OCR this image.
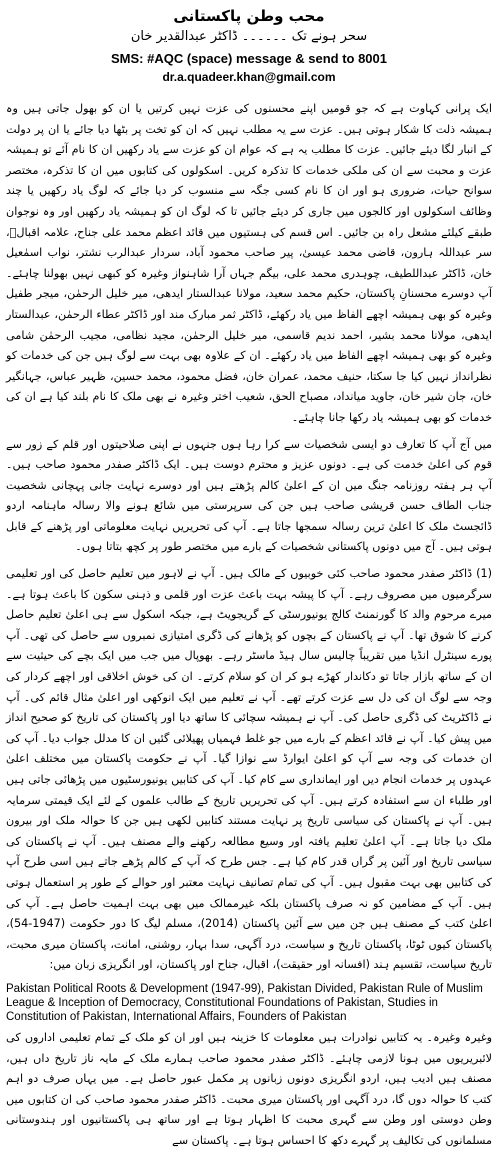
محب وطن پاکستانی
سحر ہونے تک ۔۔۔۔۔۔ ڈاکٹر عبدالقدیر خان
SMS: #AQC (space) message & send to 8001
dr.a.quadeer.khan@gmail.com

ایک پرانی کہاوت ہے کہ جو قومیں اپنے محسنوں کی عزت نہیں کرتیں یا ان کو بھول جاتی ہیں وہ ہمیشہ ذلت کا شکار ہوتی ہیں۔ عزت سے یہ مطلب نہیں کہ ان کو تخت پر بٹھا دیا جائے یا ان پر دولت کے انبار لگا دیئے جائیں۔ عزت کا مطلب یہ ہے کہ عوام ان کو عزت سے یاد رکھیں ان کا نام آئے تو ہمیشہ عزت و محبت سے ان کی ملکی خدمات کا تذکرہ کریں۔ اسکولوں کی کتابوں میں ان کا تذکرہ، مختصر سوانح حیات، ضروری ہو اور ان کا نام کسی جگہ سے منسوب کر دیا جائے کہ لوگ یاد رکھیں یا چند وظائف اسکولوں اور کالجوں میں جاری کر دیئے جائیں تا کہ لوگ ان کو ہمیشہ یاد رکھیں اور وہ نوجوان طبقے کیلئے مشعل راہ بن جائیں۔ اس قسم کی ہستیوں میں قائد اعظم محمد علی جناح، علامہ اقبالؒ، سر عبداللہ ہارون، قاضی محمد عیسیٰ، پیر صاحب محمود آباد، سردار عبدالرب نشتر، نواب اسمٰعیل خان، ڈاکٹر عبداللطیف، چوہدری محمد علی، بیگم جہاں آرا شاہنواز وغیرہ کو کبھی نہیں بھولنا چاہئے۔ آپ دوسرے محسنانِ پاکستان، حکیم محمد سعید، مولانا عبدالستار ایدھی، میر خلیل الرحمٰن، میجر طفیل وغیرہ کو بھی ہمیشہ اچھے الفاظ میں یاد رکھئے، ڈاکٹر ثمر مبارک مند اور ڈاکٹر عطاء الرحمٰن، عبدالستار ایدھی، مولانا محمد بشیر، احمد ندیم قاسمی، میر خلیل الرحمٰن، مجید نظامی، مجیب الرحمٰن شامی وغیرہ کو بھی ہمیشہ اچھے الفاظ میں یاد رکھئے۔ ان کے علاوہ بھی بہت سے لوگ ہیں جن کی خدمات کو نظرانداز نہیں کیا جا سکتا، حنیف محمد، عمران خان، فضل محمود، محمد حسین، ظہیر عباس، جہانگیر خان، جان شیر خان، جاوید میانداد، مصباح الحق، شعیب اختر وغیرہ نے بھی ملک کا نام بلند کیا ہے ان کی خدمات کو بھی ہمیشہ یاد رکھا جانا چاہئے۔

میں آج آپ کا تعارف دو ایسی شخصیات سے کرا رہا ہوں جنہوں نے اپنی صلاحیتوں اور قلم کے زور سے قوم کی اعلیٰ خدمت کی ہے۔ دونوں عزیز و محترم دوست ہیں۔ ایک ڈاکٹر صفدر محمود صاحب ہیں۔ آپ ہر ہفتہ روزنامہ جنگ میں ان کے اعلیٰ کالم پڑھتے ہیں اور دوسرے نہایت جانی پہچانی شخصیت جناب الطاف حسن قریشی صاحب ہیں جن کی سرپرستی میں شائع ہونے والا رسالہ ماہنامہ اردو ڈائجسٹ ملک کا اعلیٰ ترین رسالہ سمجھا جاتا ہے۔ آپ کی تحریریں نہایت معلوماتی اور پڑھنے کے قابل ہوتی ہیں۔ آج میں دونوں پاکستانی شخصیات کے بارے میں مختصر طور پر کچھ بتاتا ہوں۔

(1) ڈاکٹر صفدر محمود صاحب کئی خوبیوں کے مالک ہیں۔ آپ نے لاہور میں تعلیم حاصل کی اور تعلیمی سرگرمیوں میں مصروف رہے۔ آپ کا پیشہ بہت باعث عزت اور قلمی و ذہنی سکون کا باعث ہوتا ہے۔ میرے مرحوم والد کا گورنمنٹ کالج یونیورسٹی کے گریجویٹ ہے، جبکہ اسکول سے ہی اعلیٰ تعلیم حاصل کرنے کا شوق تھا۔ آپ نے پاکستان کے بچوں کو پڑھانے کی ڈگری امتیازی نمبروں سے حاصل کی تھی۔ آپ پورے سینٹرل انڈیا میں تقریباً چالیس سال ہیڈ ماسٹر رہے۔ بھوپال میں جب میں ایک بچے کی حیثیت سے ان کے ساتھ بازار جاتا تو دکاندار کھڑے ہو کر ان کو سلام کرتے۔ ان کی خوش اخلاقی اور اچھے کردار کی وجہ سے لوگ ان کی دل سے عزت کرتے تھے۔ آپ نے تعلیم میں ایک انوکھی اور اعلیٰ مثال قائم کی۔ آپ نے ڈاکٹریٹ کی ڈگری حاصل کی۔ آپ نے ہمیشہ سچائی کا ساتھ دیا اور پاکستان کی تاریخ کو صحیح انداز میں پیش کیا۔ آپ نے قائد اعظم کے بارے میں جو غلط فہمیاں پھیلائی گئیں ان کا مدلل جواب دیا۔ آپ کی ان خدمات کی وجہ سے آپ کو اعلیٰ ایوارڈ سے نوازا گیا۔ آپ نے حکومت پاکستان میں مختلف اعلیٰ عہدوں پر خدمات انجام دیں اور ایمانداری سے کام کیا۔ آپ کی کتابیں یونیورسٹیوں میں پڑھائی جاتی ہیں اور طلباء ان سے استفادہ کرتے ہیں۔ آپ کی تحریریں تاریخ کے طالب علموں کے لئے ایک قیمتی سرمایہ ہیں۔ آپ نے پاکستان کی سیاسی تاریخ پر نہایت مستند کتابیں لکھی ہیں جن کا حوالہ ملک اور بیرون ملک دیا جاتا ہے۔ آپ اعلیٰ تعلیم یافتہ اور وسیع مطالعہ رکھنے والے مصنف ہیں۔ آپ نے پاکستان کی سیاسی تاریخ اور آئین پر گراں قدر کام کیا ہے۔ جس طرح کہ آپ کے کالم پڑھے جاتے ہیں اسی طرح آپ کی کتابیں بھی بہت مقبول ہیں۔ آپ کی تمام تصانیف نہایت معتبر اور حوالے کے طور پر استعمال ہوتی ہیں۔ آپ کے مضامین کو نہ صرف پاکستان بلکہ غیرممالک میں بھی بہت اہمیت حاصل ہے۔ آپ کی اعلیٰ کتب کے مصنف ہیں جن میں سے آئین پاکستان (2014)، مسلم لیگ کا دور حکومت (1947-54)، پاکستان کیوں ٹوٹا، پاکستان تاریخ و سیاست، درد آگہی، سدا بہار، روشنی، امانت، پاکستان میری محبت، تاریخ سیاست، تقسیم ہند (افسانہ اور حقیقت)، اقبال، جناح اور پاکستان، اور انگریزی زبان میں:

Pakistan Political Roots & Development (1947-99), Pakistan Divided, Pakistan Rule of Muslim League & Inception of Democracy, Constitutional Foundations of Pakistan, Studies in Constitution of Pakistan, International Affairs, Founders of Pakistan

وغیرہ وغیرہ۔ یہ کتابیں نوادرات ہیں معلومات کا خزینہ ہیں اور ان کو ملک کے تمام تعلیمی اداروں کی لائبریریوں میں ہونا لازمی چاہئے۔ ڈاکٹر صفدر محمود صاحب ہمارے ملک کے مایہ ناز تاریخ داں ہیں، مصنف ہیں ادیب ہیں، اردو انگریزی دونوں زبانوں پر مکمل عبور حاصل ہے۔ میں یہاں صرف دو اہم کتب کا حوالہ دوں گا، درد آگہی اور پاکستان میری محبت۔ ڈاکٹر صفدر محمود صاحب کی ان کتابوں میں وطن دوستی اور وطن سے گہری محبت کا اظہار ہوتا ہے اور ساتھ ہی پاکستانیوں اور ہندوستانی مسلمانوں کی تکالیف پر گہرے دکھ کا احساس ہوتا ہے۔ پاکستان سے
